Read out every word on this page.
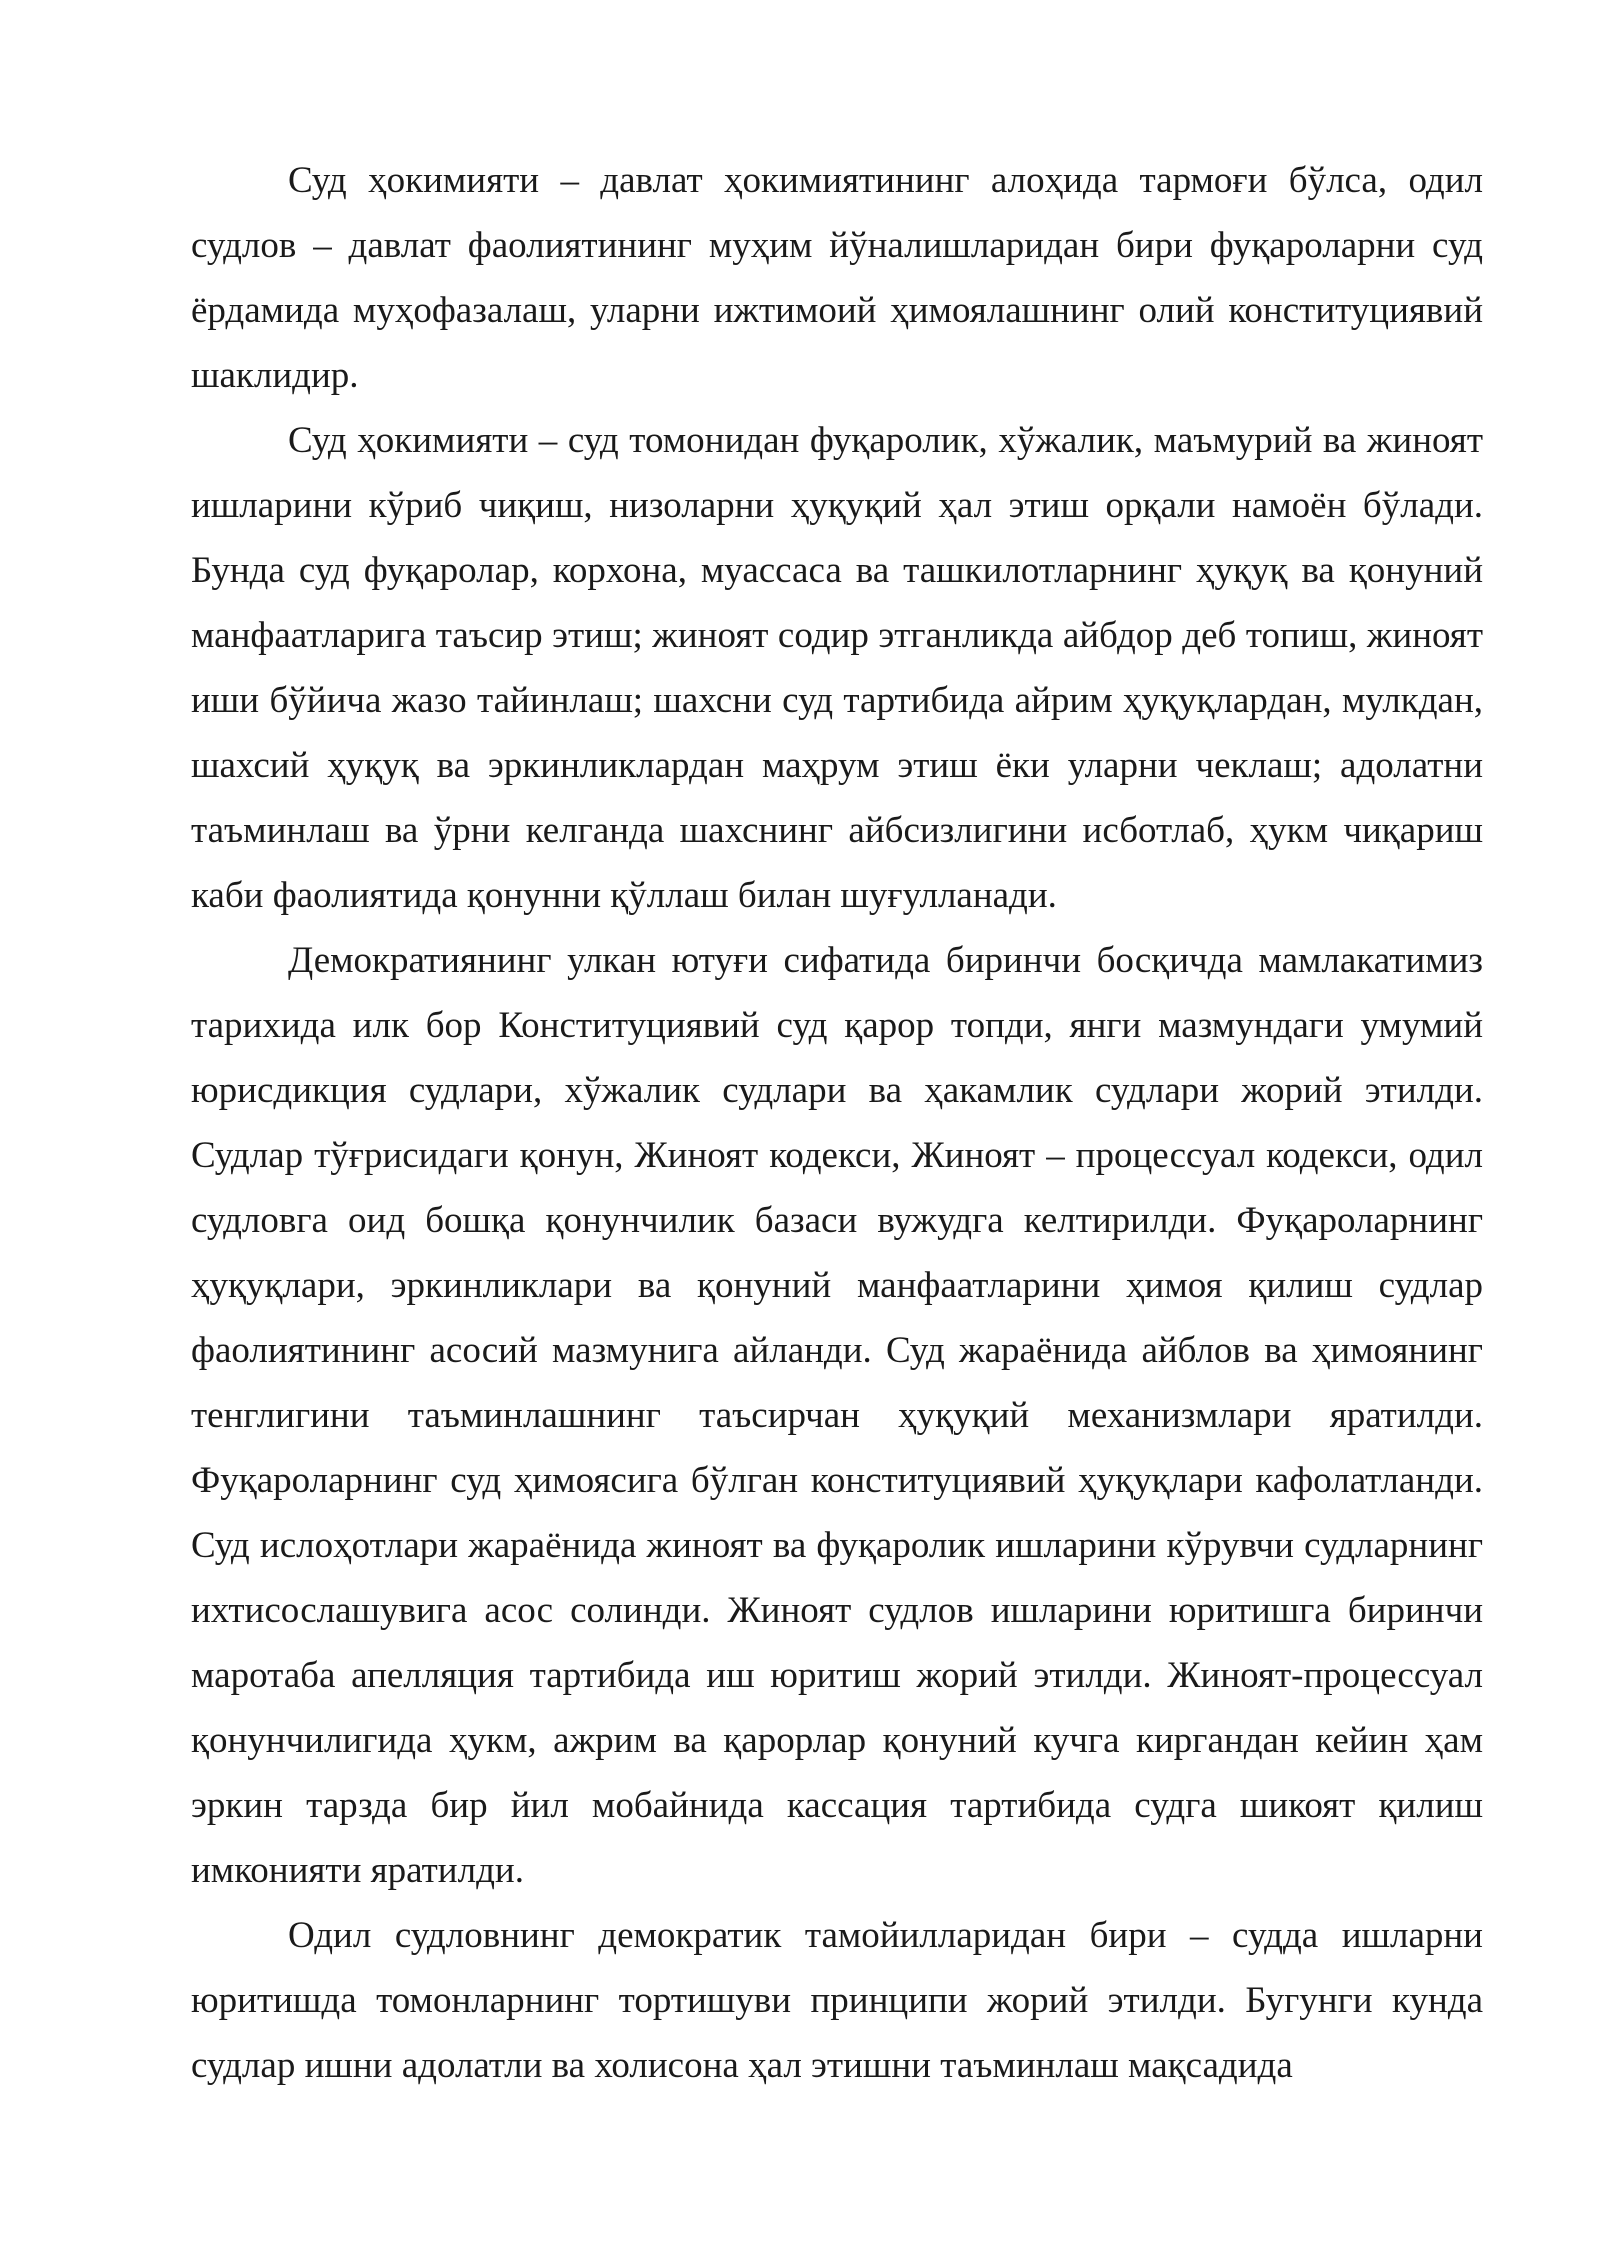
Суд ҳокимияти – давлат ҳокимиятининг алоҳида тармоғи бўлса, одил судлов – давлат фаолиятининг муҳим йўналишларидан бири фуқароларни суд ёрдамида муҳофазалаш, уларни ижтимоий ҳимоялашнинг олий конституциявий шаклидир.

Суд ҳокимияти – суд томонидан фуқаролик, хўжалик, маъмурий ва жиноят ишларини кўриб чиқиш, низоларни ҳуқуқий ҳал этиш орқали намоён бўлади. Бунда суд фуқаролар, корхона, муассаса ва ташкилотларнинг ҳуқуқ ва қонуний манфаатларига таъсир этиш; жиноят содир этганликда айбдор деб топиш, жиноят иши бўйича жазо тайинлаш; шахсни суд тартибида айрим ҳуқуқлардан, мулкдан, шахсий ҳуқуқ ва эркинликлардан маҳрум этиш ёки уларни чеклаш; адолатни таъминлаш ва ўрни келганда шахснинг айбсизлигини исботлаб, ҳукм чиқариш каби фаолиятида қонунни қўллаш билан шуғулланади.

Демократиянинг улкан ютуғи сифатида биринчи босқичда мамлакатимиз тарихида илк бор Конституциявий суд қарор топди, янги мазмундаги умумий юрисдикция судлари, хўжалик судлари ва ҳакамлик судлари жорий этилди. Судлар тўғрисидаги қонун, Жиноят кодекси, Жиноят – процессуал кодекси, одил судловга оид бошқа қонунчилик базаси вужудга келтирилди. Фуқароларнинг ҳуқуқлари, эркинликлари ва қонуний манфаатларини ҳимоя қилиш судлар фаолиятининг асосий мазмунига айланди. Суд жараёнида айблов ва ҳимоянинг тенглигини таъминлашнинг таъсирчан ҳуқуқий механизмлари яратилди. Фуқароларнинг суд ҳимоясига бўлган конституциявий ҳуқуқлари кафолатланди. Суд ислоҳотлари жараёнида жиноят ва фуқаролик ишларини кўрувчи судларнинг ихтисослашувига асос солинди. Жиноят судлов ишларини юритишга биринчи маротаба апелляция тартибида иш юритиш жорий этилди. Жиноят-процессуал қонунчилигида ҳукм, ажрим ва қарорлар қонуний кучга киргандан кейин ҳам эркин тарзда бир йил мобайнида кассация тартибида судга шикоят қилиш имконияти яратилди.

Одил судловнинг демократик тамойилларидан бири – судда ишларни юритишда томонларнинг тортишуви принципи жорий этилди. Бугунги кунда судлар ишни адолатли ва холисона ҳал этишни таъминлаш мақсадида
